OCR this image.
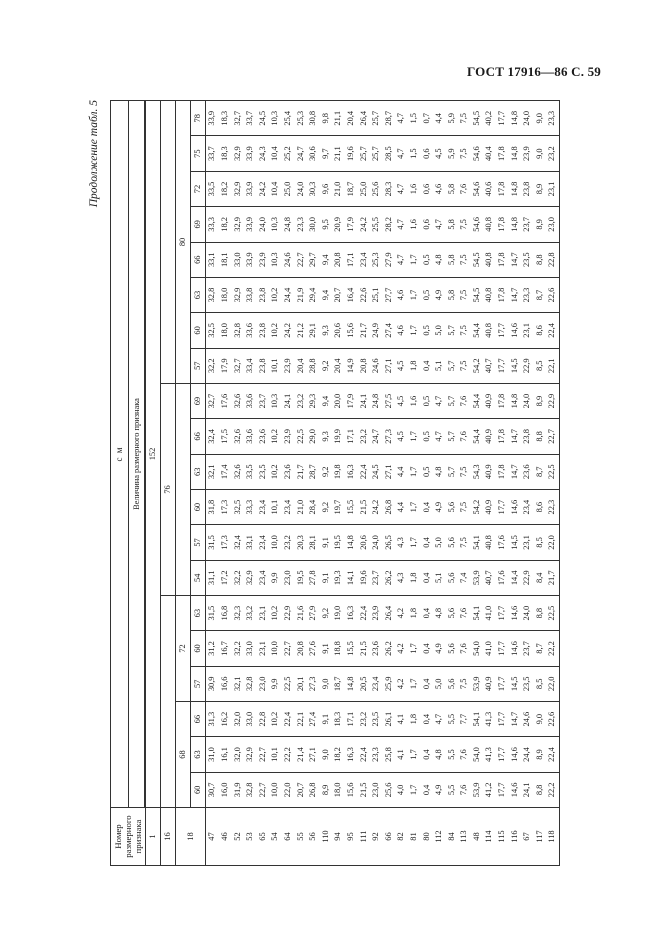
ГОСТ 17916—86 С. 59
Продолжение табл. 5
Номер размерного признака	с м																			
	Величина размерного признака																			

1	152																			
16							76													
18	68			72									80							
	60	63	66	57	60	63	54	57	60	63	66	69	57	60	63	66	69	72	75	78
47	30,7	31,0	31,3	30,9	31,2	31,5	31,1	31,5	31,8	32,1	32,4	32,7	32,2	32,5	32,8	33,1	33,3	33,5	33,7	33,9
46	16,0	16,1	16,2	16,6	16,7	16,8	17,2	17,3	17,3	17,4	17,5	17,6	17,9	18,0	18,0	18,1	18,2	18,2	18,3	18,3
52	31,9	32,0	32,0	32,1	32,2	32,3	32,2	32,4	32,5	32,6	32,6	32,6	32,7	32,8	32,9	33,0	32,9	32,9	32,9	32,7
53	32,8	32,9	33,0	32,8	33,0	33,2	32,9	33,1	33,3	33,5	33,6	33,6	33,4	33,6	33,8	33,9	33,9	33,9	33,9	33,7
65	22,7	22,7	22,8	23,0	23,1	23,1	23,4	23,4	23,4	23,5	23,6	23,7	23,8	23,8	23,8	23,9	24,0	24,2	24,3	24,5
54	10,0	10,1	10,2	9,9	10,0	10,2	9,9	10,0	10,1	10,2	10,2	10,3	10,1	10,2	10,2	10,3	10,3	10,4	10,4	10,3
64	22,0	22,2	22,4	22,5	22,7	22,9	23,0	23,2	23,4	23,6	23,9	24,1	23,9	24,2	24,4	24,6	24,8	25,0	25,2	25,4
55	20,7	21,4	22,1	20,1	20,8	21,6	19,5	20,3	21,0	21,7	22,5	23,2	20,4	21,2	21,9	22,7	23,3	24,0	24,7	25,3
56	26,8	27,1	27,4	27,3	27,6	27,9	27,8	28,1	28,4	28,7	29,0	29,3	28,8	29,1	29,4	29,7	30,0	30,3	30,6	30,8
110	8,9	9,0	9,1	9,0	9,1	9,2	9,1	9,1	9,2	9,2	9,3	9,4	9,2	9,3	9,4	9,4	9,5	9,6	9,7	9,8
94	18,0	18,2	18,3	18,7	18,8	19,0	19,3	19,5	19,7	19,8	19,9	20,0	20,4	20,6	20,7	20,8	20,9	21,0	21,1	21,1
95	15,6	16,3	17,1	14,8	15,5	16,3	14,1	14,8	15,5	16,3	17,1	17,9	14,9	15,6	16,4	17,1	17,9	18,7	19,6	20,4
111	21,5	22,4	23,2	20,5	21,5	22,4	19,6	20,6	21,5	22,4	23,2	24,1	20,8	21,7	22,6	23,4	24,2	25,0	25,7	26,4
92	23,0	23,3	23,5	23,4	23,6	23,9	23,7	24,0	24,2	24,5	24,7	24,8	24,6	24,9	25,1	25,3	25,5	25,6	25,7	25,7
66	25,6	25,8	26,1	25,9	26,2	26,4	26,2	26,5	26,8	27,1	27,3	27,5	27,1	27,4	27,7	27,9	28,2	28,3	28,5	28,7
82	4,0	4,1	4,1	4,2	4,2	4,2	4,3	4,3	4,4	4,4	4,5	4,5	4,5	4,6	4,6	4,7	4,7	4,7	4,7	4,7
81	1,7	1,7	1,8	1,7	1,7	1,8	1,8	1,7	1,7	1,7	1,7	1,6	1,8	1,7	1,7	1,7	1,6	1,6	1,5	1,5
80	0,4	0,4	0,4	0,4	0,4	0,4	0,4	0,4	0,4	0,5	0,5	0,5	0,4	0,5	0,5	0,5	0,6	0,6	0,6	0,7
112	4,9	4,8	4,7	5,0	4,9	4,8	5,1	5,0	4,9	4,8	4,7	4,7	5,1	5,0	4,9	4,8	4,7	4,6	4,5	4,4
84	5,5	5,5	5,5	5,6	5,6	5,6	5,6	5,6	5,6	5,7	5,7	5,7	5,7	5,7	5,8	5,8	5,8	5,8	5,9	5,9
113	7,6	7,6	7,7	7,5	7,6	7,6	7,4	7,5	7,5	7,5	7,6	7,6	7,5	7,5	7,5	7,5	7,5	7,6	7,5	7,5
48	53,9	54,0	54,1	53,9	54,0	54,1	53,9	54,1	54,2	54,3	54,4	54,4	54,2	54,4	54,5	54,5	54,6	54,6	54,6	54,5
114	41,2	41,3	41,3	40,9	41,0	41,0	40,7	40,8	40,9	40,9	40,9	40,9	40,7	40,8	40,8	40,8	40,8	40,6	40,4	40,2
115	17,7	17,7	17,7	17,7	17,7	17,7	17,6	17,6	17,7	17,8	17,8	17,8	17,7	17,7	17,8	17,8	17,8	17,8	17,8	17,7
116	14,6	14,6	14,7	14,5	14,6	14,6	14,4	14,5	14,6	14,7	14,7	14,8	14,5	14,6	14,7	14,7	14,8	14,8	14,8	14,8
67	24,1	24,4	24,6	23,5	23,7	24,0	22,9	23,1	23,4	23,6	23,8	24,0	22,9	23,1	23,3	23,5	23,7	23,8	23,9	24,0
117	8,8	8,9	9,0	8,5	8,7	8,8	8,4	8,5	8,6	8,7	8,8	8,9	8,5	8,6	8,7	8,8	8,9	8,9	9,0	9,0
118	22,2	22,4	22,6	22,0	22,2	22,5	21,7	22,0	22,3	22,5	22,7	22,9	22,1	22,4	22,6	22,8	23,0	23,1	23,2	23,3
